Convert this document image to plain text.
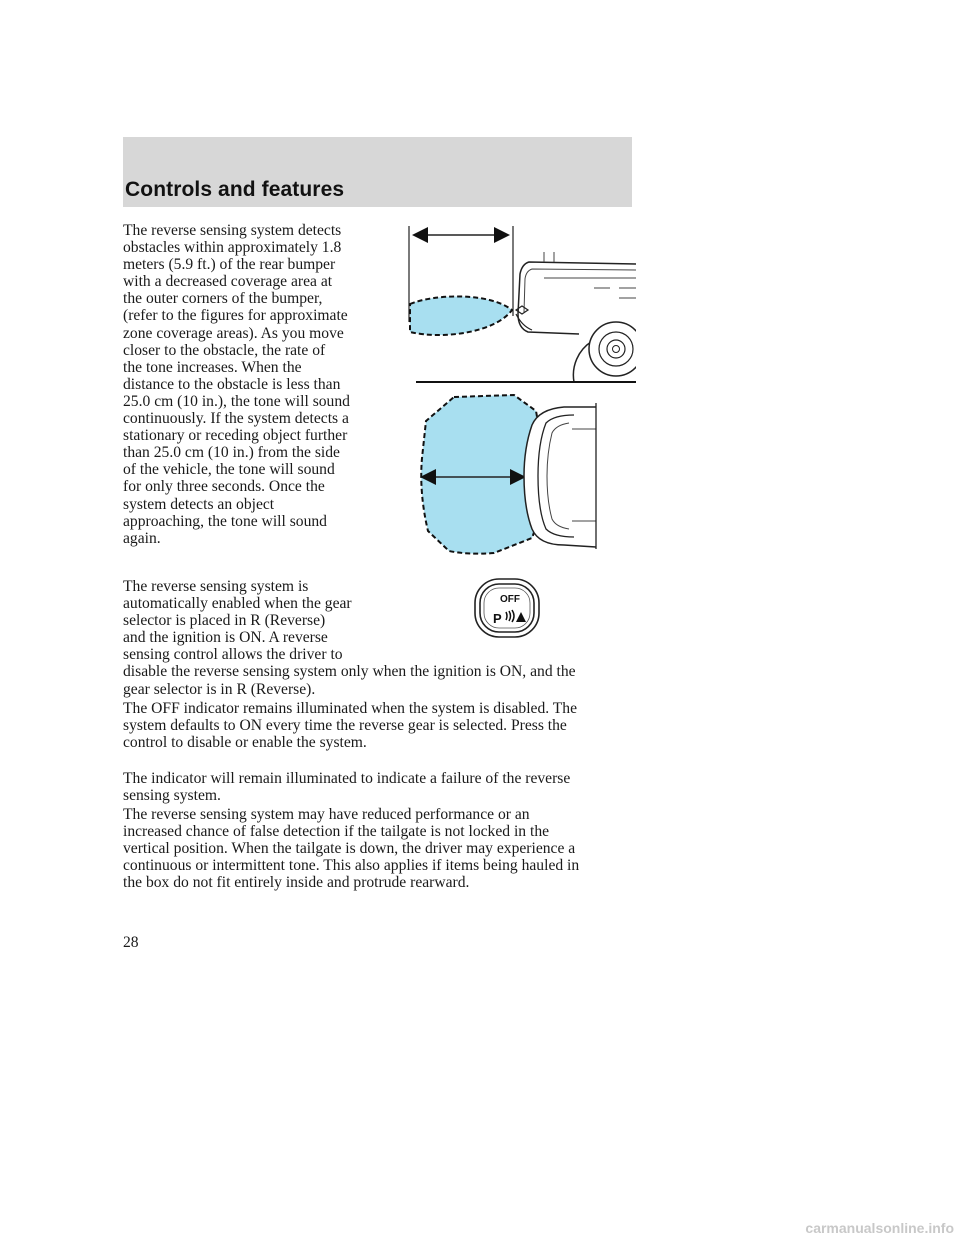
Controls and features
The reverse sensing system detects
obstacles within approximately 1.8
meters (5.9 ft.) of the rear bumper
with a decreased coverage area at
the outer corners of the bumper,
(refer to the figures for approximate
zone coverage areas). As you move
closer to the obstacle, the rate of
the tone increases. When the
distance to the obstacle is less than
25.0 cm (10 in.), the tone will sound
continuously. If the system detects a
stationary or receding object further
than 25.0 cm (10 in.) from the side
of the vehicle, the tone will sound
for only three seconds. Once the
system detects an object
approaching, the tone will sound
again.
OFF
P
The reverse sensing system is
automatically enabled when the gear
selector is placed in R (Reverse)
and the ignition is ON. A reverse
sensing control allows the driver to
disable the reverse sensing system only when the ignition is ON, and the
gear selector is in R (Reverse).
The OFF indicator remains illuminated when the system is disabled. The
system defaults to ON every time the reverse gear is selected. Press the
control to disable or enable the system.
The indicator will remain illuminated to indicate a failure of the reverse
sensing system.
The reverse sensing system may have reduced performance or an
increased chance of false detection if the tailgate is not locked in the
vertical position. When the tailgate is down, the driver may experience a
continuous or intermittent tone. This also applies if items being hauled in
the box do not fit entirely inside and protrude rearward.
28
carmanualsonline.info
